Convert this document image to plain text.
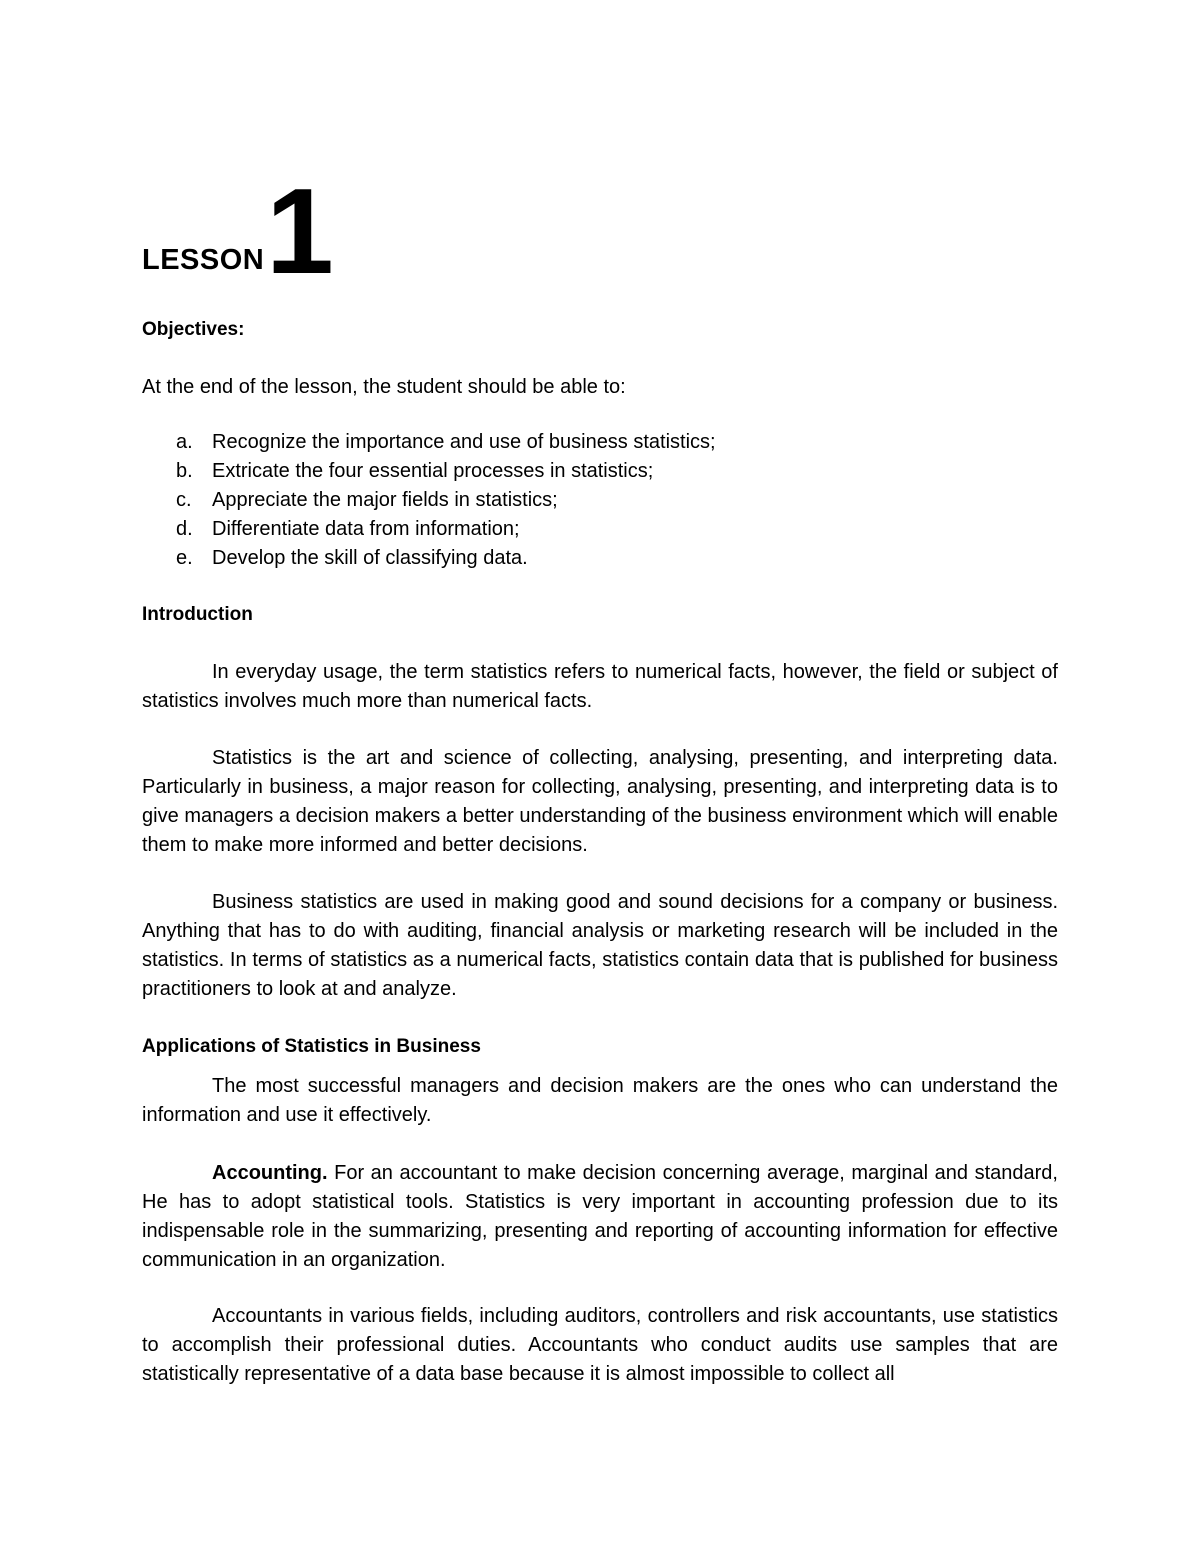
LESSON 1
Objectives:
At the end of the lesson, the student should be able to:
a. Recognize the importance and use of business statistics;
b. Extricate the four essential processes in statistics;
c. Appreciate the major fields in statistics;
d. Differentiate data from information;
e. Develop the skill of classifying data.
Introduction

In everyday usage, the term statistics refers to numerical facts, however, the field or subject of statistics involves much more than numerical facts.

Statistics is the art and science of collecting, analysing, presenting, and interpreting data. Particularly in business, a major reason for collecting, analysing, presenting, and interpreting data is to give managers a decision makers a better understanding of the business environment which will enable them to make more informed and better decisions.

Business statistics are used in making good and sound decisions for a company or business. Anything that has to do with auditing, financial analysis or marketing research will be included in the statistics. In terms of statistics as a numerical facts, statistics contain data that is published for business practitioners to look at and analyze.

Applications of Statistics in Business

The most successful managers and decision makers are the ones who can understand the information and use it effectively.

Accounting. For an accountant to make decision concerning average, marginal and standard, He has to adopt statistical tools. Statistics is very important in accounting profession due to its indispensable role in the summarizing, presenting and reporting of accounting information for effective communication in an organization.

Accountants in various fields, including auditors, controllers and risk accountants, use statistics to accomplish their professional duties. Accountants who conduct audits use samples that are statistically representative of a data base because it is almost impossible to collect all
